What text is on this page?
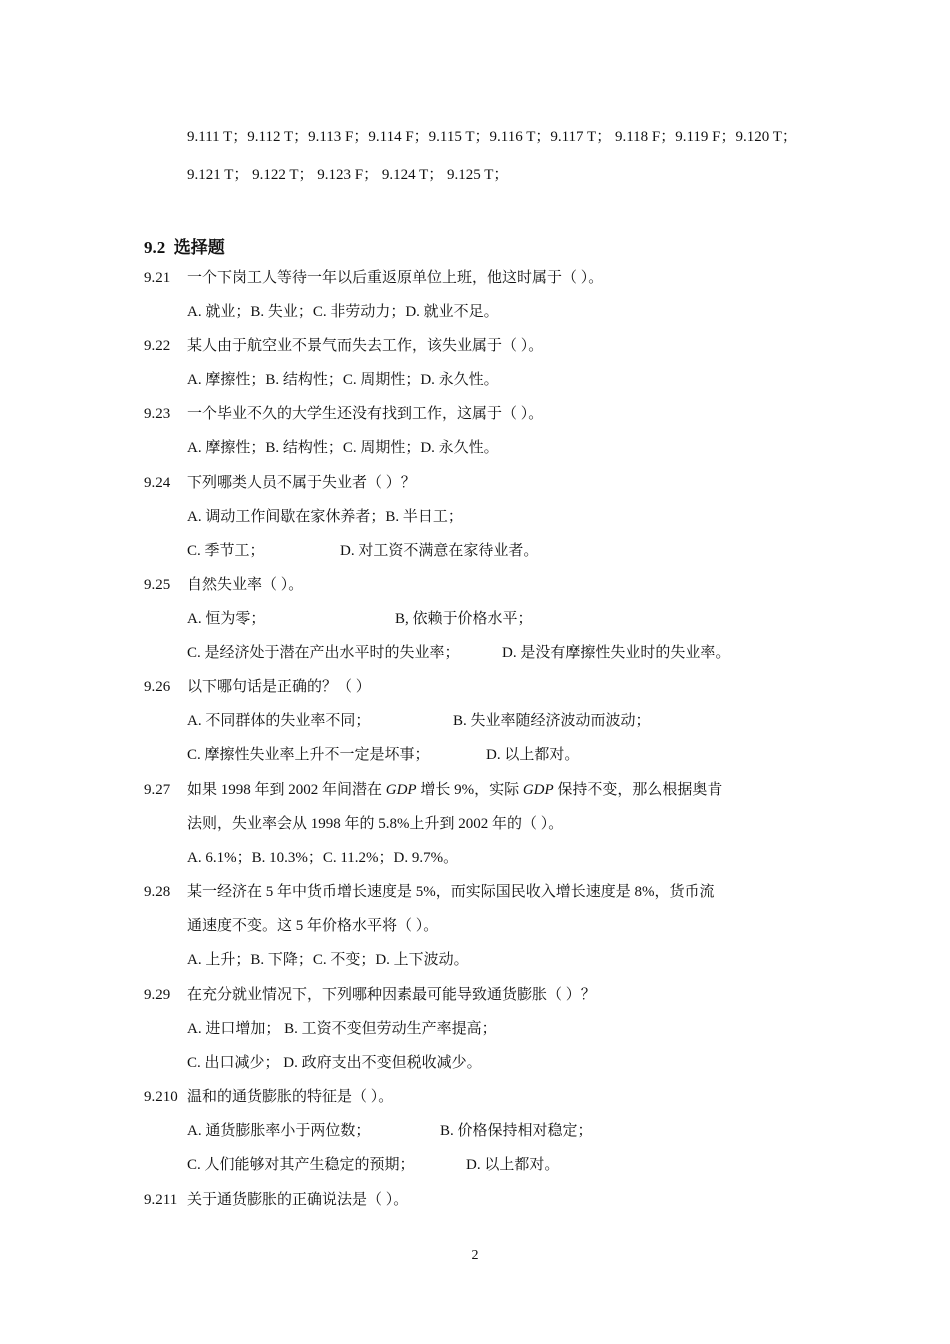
9.111 T；9.112 T；9.113 F；9.114 F；9.115 T；9.116 T；9.117 T； 9.118 F；9.119 F；9.120 T；
9.121 T； 9.122 T； 9.123 F； 9.124 T； 9.125 T；
9.2 选择题
9.21 一个下岗工人等待一年以后重返原单位上班，他这时属于（ ）。
A. 就业；B. 失业；C. 非劳动力；D. 就业不足。
9.22 某人由于航空业不景气而失去工作，该失业属于（ ）。
A. 摩擦性；B. 结构性；C. 周期性；D. 永久性。
9.23 一个毕业不久的大学生还没有找到工作，这属于（ ）。
A. 摩擦性；B. 结构性；C. 周期性；D. 永久性。
9.24 下列哪类人员不属于失业者（ ）？
A. 调动工作间歇在家休养者；B. 半日工；
C. 季节工；	D. 对工资不满意在家待业者。
9.25 自然失业率（ ）。
A. 恒为零；	B, 依赖于价格水平；
C. 是经济处于潜在产出水平时的失业率；	D. 是没有摩擦性失业时的失业率。
9.26 以下哪句话是正确的？（ ）
A. 不同群体的失业率不同；	B. 失业率随经济波动而波动；
C. 摩擦性失业率上升不一定是坏事；	D. 以上都对。
9.27 如果 1998 年到 2002 年间潜在 GDP 增长 9%，实际 GDP 保持不变，那么根据奥肯
法则，失业率会从 1998 年的 5.8%上升到 2002 年的（ ）。
A. 6.1%；B. 10.3%；C. 11.2%；D. 9.7%。
9.28 某一经济在 5 年中货币增长速度是 5%，而实际国民收入增长速度是 8%，货币流
通速度不变。这 5 年价格水平将（ ）。
A. 上升；B. 下降；C. 不变；D. 上下波动。
9.29 在充分就业情况下，下列哪种因素最可能导致通货膨胀（ ）？
A. 进口增加； B. 工资不变但劳动生产率提高；
C. 出口减少； D. 政府支出不变但税收减少。
9.210 温和的通货膨胀的特征是（ ）。
A. 通货膨胀率小于两位数；	B. 价格保持相对稳定；
C. 人们能够对其产生稳定的预期；	D. 以上都对。
9.211 关于通货膨胀的正确说法是（ ）。
2
